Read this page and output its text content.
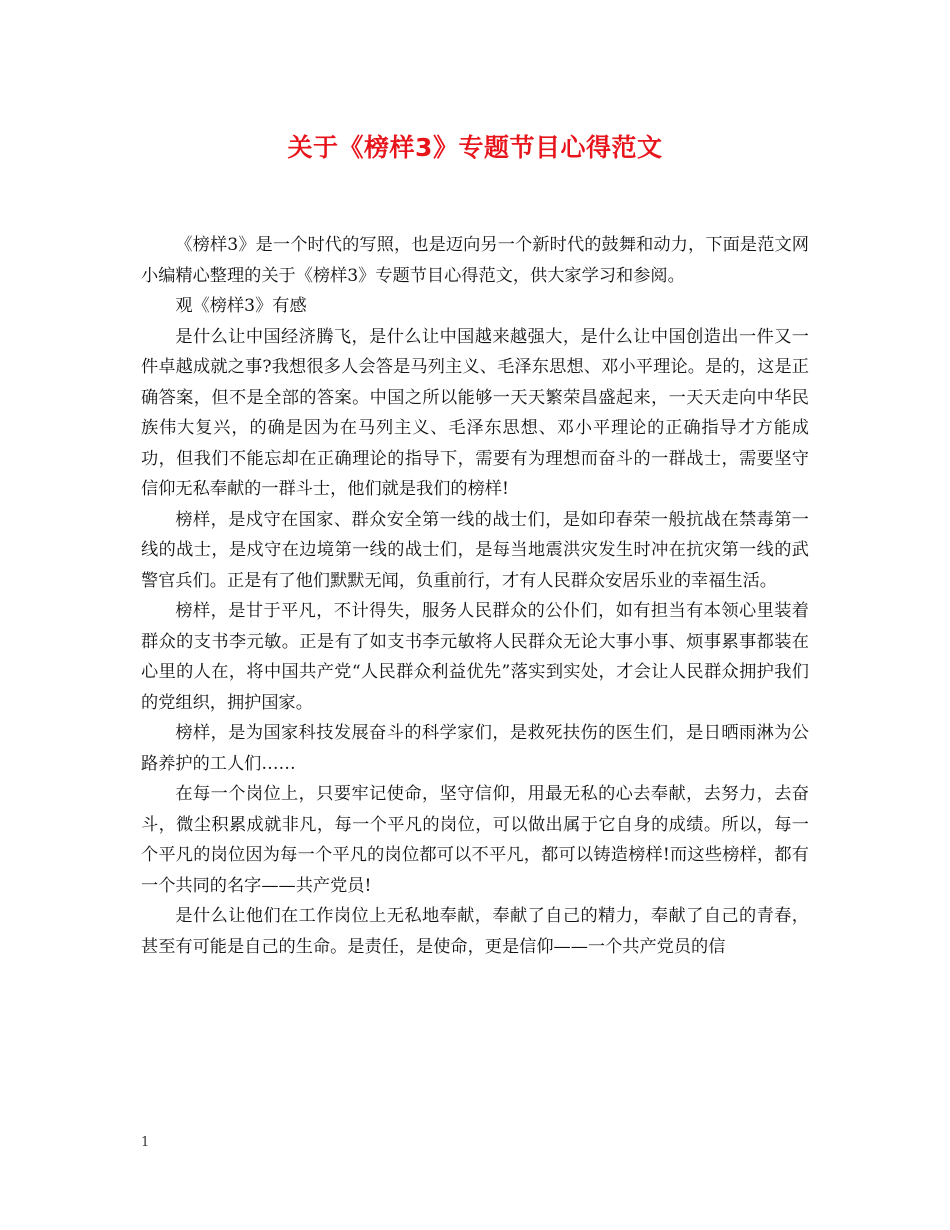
关于《榜样3》专题节目心得范文

《榜样3》是一个时代的写照，也是迈向另一个新时代的鼓舞和动力，下面是范文网小编精心整理的关于《榜样3》专题节目心得范文，供大家学习和参阅。

观《榜样3》有感

是什么让中国经济腾飞，是什么让中国越来越强大，是什么让中国创造出一件又一件卓越成就之事?我想很多人会答是马列主义、毛泽东思想、邓小平理论。是的，这是正确答案，但不是全部的答案。中国之所以能够一天天繁荣昌盛起来，一天天走向中华民族伟大复兴，的确是因为在马列主义、毛泽东思想、邓小平理论的正确指导才方能成功，但我们不能忘却在正确理论的指导下，需要有为理想而奋斗的一群战士，需要坚守信仰无私奉献的一群斗士，他们就是我们的榜样!

榜样，是戍守在国家、群众安全第一线的战士们，是如印春荣一般抗战在禁毒第一线的战士，是戍守在边境第一线的战士们，是每当地震洪灾发生时冲在抗灾第一线的武警官兵们。正是有了他们默默无闻，负重前行，才有人民群众安居乐业的幸福生活。

榜样，是甘于平凡，不计得失，服务人民群众的公仆们，如有担当有本领心里装着群众的支书李元敏。正是有了如支书李元敏将人民群众无论大事小事、烦事累事都装在心里的人在，将中国共产党“人民群众利益优先”落实到实处，才会让人民群众拥护我们的党组织，拥护国家。

榜样，是为国家科技发展奋斗的科学家们，是救死扶伤的医生们，是日晒雨淋为公路养护的工人们……

在每一个岗位上，只要牢记使命，坚守信仰，用最无私的心去奉献，去努力，去奋斗，微尘积累成就非凡，每一个平凡的岗位，可以做出属于它自身的成绩。所以，每一个平凡的岗位因为每一个平凡的岗位都可以不平凡，都可以铸造榜样!而这些榜样，都有一个共同的名字——共产党员!

是什么让他们在工作岗位上无私地奉献，奉献了自己的精力，奉献了自己的青春，甚至有可能是自己的生命。是责任，是使命，更是信仰——一个共产党员的信

1
